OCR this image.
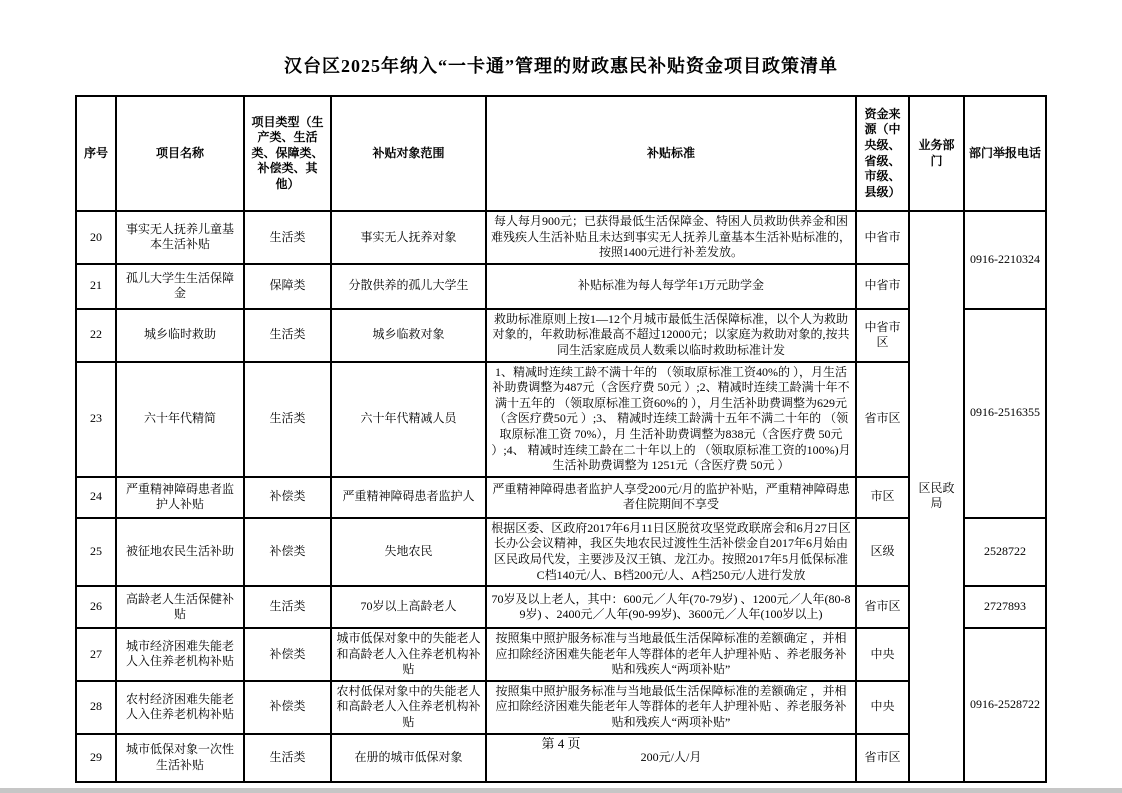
汉台区2025年纳入“一卡通”管理的财政惠民补贴资金项目政策清单
序号	项目名称	项目类型（生产类、生活类、保障类、补偿类、其他）	补贴对象范围	补贴标准	资金来源（中央级、省级、市级、县级）	业务部门	部门举报电话
20	事实无人抚养儿童基本生活补贴	生活类	事实无人抚养对象	每人每月900元；已获得最低生活保障金、特困人员救助供养金和困难残疾人生活补贴且未达到事实无人抚养儿童基本生活补贴标准的，按照1400元进行补差发放。	中省市	区民政局	0916-2210324
21	孤儿大学生生活保障金	保障类	分散供养的孤儿大学生	补贴标准为每人每学年1万元助学金	中省市		
22	城乡临时救助	生活类	城乡临救对象	救助标准原则上按1—12个月城市最低生活保障标准，以个人为救助对象的，年救助标准最高不超过12000元；以家庭为救助对象的,按共同生活家庭成员人数乘以临时救助标准计发	中省市区		0916-2516355
23	六十年代精简	生活类	六十年代精减人员	1、精减时连续工龄不满十年的 （领取原标准工资40%的 ），月生活补助费调整为487元（含医疗费 50元 ）;2、精减时连续工龄满十年不满十五年的 （领取原标准工资60%的 ），月生活补助费调整为629元（含医疗费50元 ）;3、 精减时连续工龄满十五年不满二十年的 （领取原标准工资 70%），月 生活补助费调整为838元（含医疗费 50元 ）;4、 精减时连续工龄在二十年以上的 （领取原标准工资的100%)月生活补助费调整为 1251元（含医疗费 50元 ）	省市区		
24	严重精神障碍患者监护人补贴	补偿类	严重精神障碍患者监护人	严重精神障碍患者监护人享受200元/月的监护补贴，严重精神障碍患者住院期间不享受	市区		
25	被征地农民生活补助	补偿类	失地农民	根据区委、区政府2017年6月11日区脱贫攻坚党政联席会和6月27日区长办公会议精神，我区失地农民过渡性生活补偿金自2017年6月始由区民政局代发，主要涉及汉王镇、龙江办。按照2017年5月低保标准C档140元/人、B档200元/人、A档250元/人进行发放	区级		2528722
26	高龄老人生活保健补贴	生活类	70岁以上高龄老人	70岁及以上老人，其中：600元／人年(70-79岁) 、1200元／人年(80-89岁) 、2400元／人年(90-99岁)、3600元／人年(100岁以上)	省市区		2727893
27	城市经济困难失能老人入住养老机构补贴	补偿类	城市低保对象中的失能老人和高龄老人入住养老机构补贴	按照集中照护服务标准与当地最低生活保障标准的差额确定 ，并相应扣除经济困难失能老年人等群体的老年人护理补贴 、养老服务补贴和残疾人“两项补贴”	中央		0916-2528722
28	农村经济困难失能老人入住养老机构补贴	补偿类	农村低保对象中的失能老人和高龄老人入住养老机构补贴	按照集中照护服务标准与当地最低生活保障标准的差额确定 ，并相应扣除经济困难失能老年人等群体的老年人护理补贴 、养老服务补贴和残疾人“两项补贴”	中央		
29	城市低保对象一次性生活补贴	生活类	在册的城市低保对象	200元/人/月	省市区		
第 4 页
